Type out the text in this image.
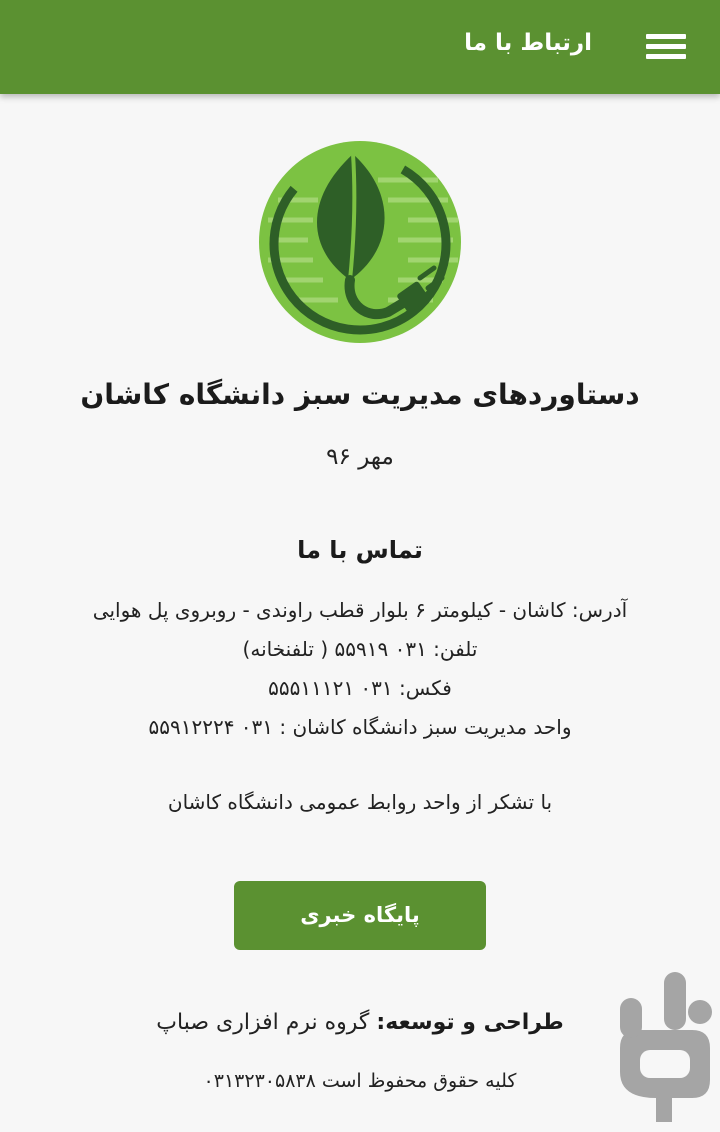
ارتباط با ما
دستاوردهای مدیریت سبز دانشگاه کاشان
مهر ۹۶
تماس با ما
آدرس: کاشان - کیلومتر ۶ بلوار قطب راوندی - روبروی پل هوایی
تلفن: ۰۳۱ ۵۵۹۱۹ ( تلفنخانه)
فکس: ۰۳۱ ۵۵۵۱۱۱۲۱
واحد مدیریت سبز دانشگاه کاشان : ۰۳۱ ۵۵۹۱۲۲۲۴
با تشکر از واحد روابط عمومی دانشگاه کاشان
پایگاه خبری
طراحی و توسعه: گروه نرم افزاری صباپ
کلیه حقوق محفوظ است ۰۳۱۳۲۳۰۵۸۳۸
